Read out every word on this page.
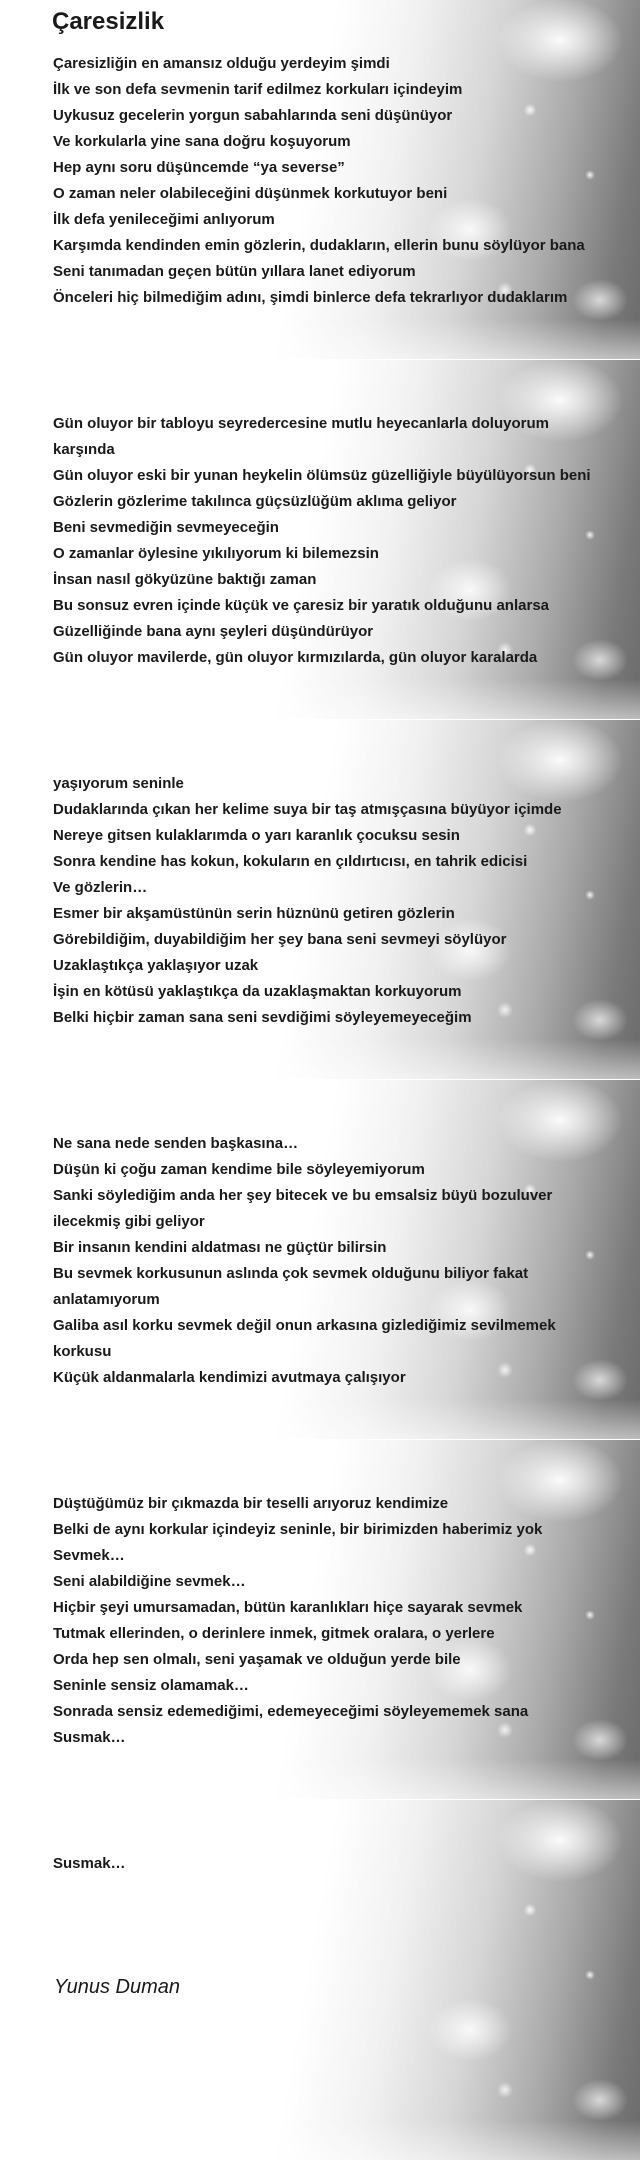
Çaresizlik
Çaresizliğin en amansız olduğu yerdeyim şimdi
İlk ve son defa sevmenin tarif edilmez korkuları içindeyim
Uykusuz gecelerin yorgun sabahlarında seni düşünüyor
Ve korkularla yine sana doğru koşuyorum
Hep aynı soru düşüncemde “ya severse”
O zaman neler olabileceğini düşünmek korkutuyor beni
İlk defa yenileceğimi anlıyorum
Karşımda kendinden emin gözlerin, dudakların, ellerin bunu söylüyor bana
Seni tanımadan geçen bütün yıllara lanet ediyorum
Önceleri hiç bilmediğim adını, şimdi binlerce defa tekrarlıyor dudaklarım
Gün oluyor bir tabloyu seyredercesine mutlu heyecanlarla doluyorum karşında
Gün oluyor eski bir yunan heykelin ölümsüz güzelliğiyle büyülüyorsun beni
Gözlerin gözlerime takılınca güçsüzlüğüm aklıma geliyor
Beni sevmediğin sevmeyeceğin
O zamanlar öylesine yıkılıyorum ki bilemezsin
İnsan nasıl gökyüzüne baktığı zaman
Bu sonsuz evren içinde küçük ve çaresiz bir yaratık olduğunu anlarsa
Güzelliğinde bana aynı şeyleri düşündürüyor
Gün oluyor mavilerde, gün oluyor kırmızılarda, gün oluyor karalarda
yaşıyorum seninle
Dudaklarında çıkan her kelime suya bir taş atmışçasına büyüyor içimde
Nereye gitsen kulaklarımda o yarı karanlık çocuksu sesin
Sonra kendine has kokun, kokuların en çıldırtıcısı, en tahrik edicisi
Ve gözlerin…
Esmer bir akşamüstünün serin hüznünü getiren gözlerin
Görebildiğim, duyabildiğim her şey bana seni sevmeyi söylüyor
Uzaklaştıkça yaklaşıyor uzak
İşin en kötüsü yaklaştıkça da uzaklaşmaktan korkuyorum
Belki hiçbir zaman sana seni sevdiğimi söyleyemeyeceğim
Ne sana nede senden başkasına…
Düşün ki çoğu zaman kendime bile söyleyemiyorum
Sanki söylediğim anda her şey bitecek ve bu emsalsiz büyü bozuluver ilecekmiş gibi geliyor
Bir insanın kendini aldatması ne güçtür bilirsin
Bu sevmek korkusunun aslında çok sevmek olduğunu biliyor fakat anlatamıyorum
Galiba asıl korku sevmek değil onun arkasına gizlediğimiz sevilmemek korkusu
Küçük aldanmalarla kendimizi avutmaya çalışıyor
Düştüğümüz bir çıkmazda bir teselli arıyoruz kendimize
Belki de aynı korkular içindeyiz seninle, bir birimizden haberimiz yok
Sevmek…
Seni alabildiğine sevmek…
Hiçbir şeyi umursamadan, bütün karanlıkları hiçe sayarak sevmek
Tutmak ellerinden, o derinlere inmek, gitmek oralara, o yerlere
Orda hep sen olmalı, seni yaşamak ve olduğun yerde bile
Seninle sensiz olamamak…
Sonrada sensiz edemediğimi, edemeyeceğimi söyleyememek sana
Susmak…
Susmak…
Yunus Duman
